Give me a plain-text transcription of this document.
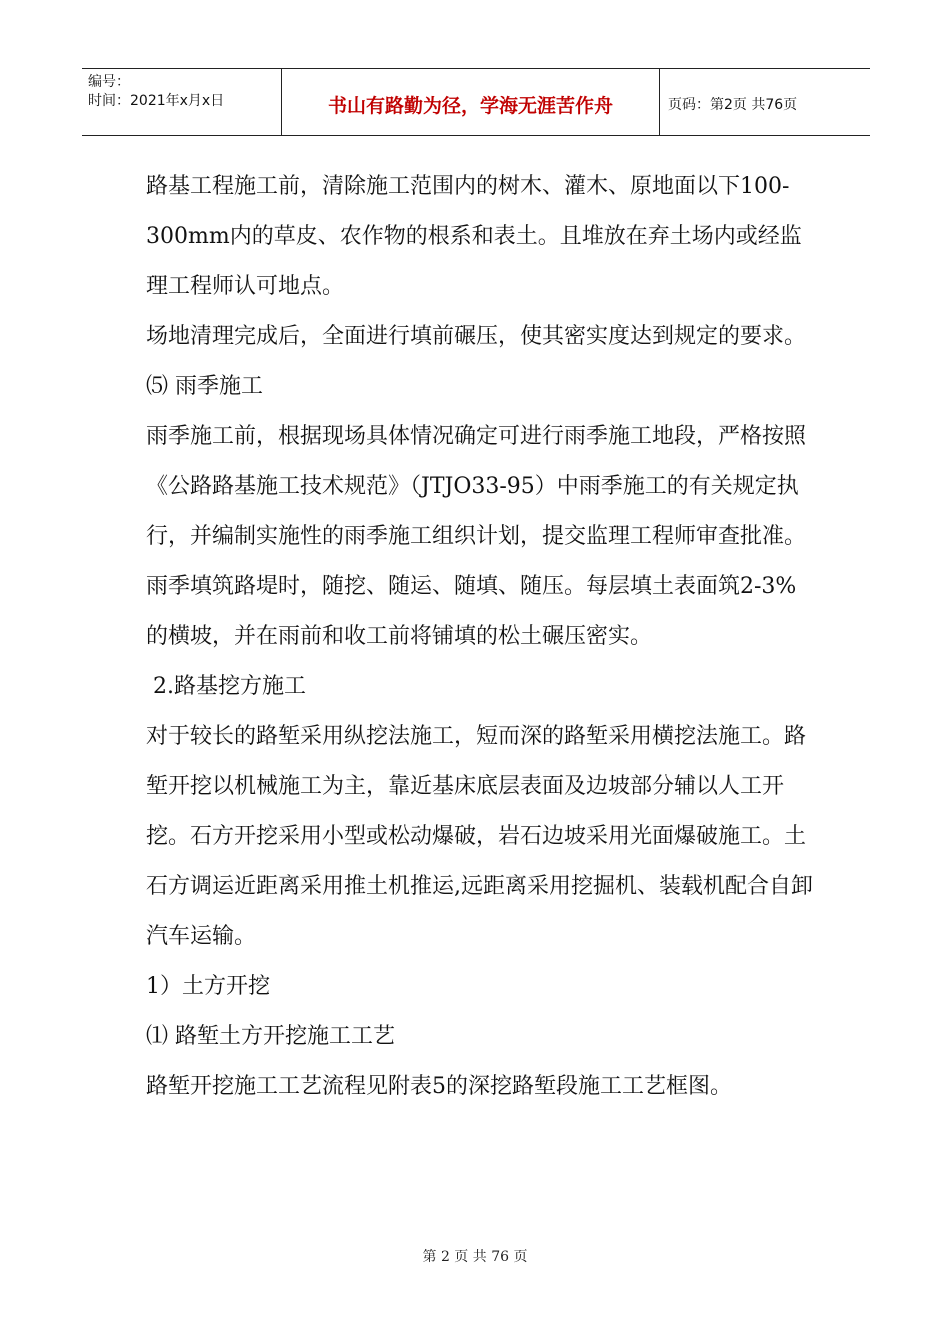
编号：
时间：2021年x月x日	书山有路勤为径，学海无涯苦作舟	页码：第2页 共76页

路基工程施工前，清除施工范围内的树木、灌木、原地面以下100-300mm内的草皮、农作物的根系和表土。且堆放在弃土场内或经监理工程师认可地点。

场地清理完成后，全面进行填前碾压，使其密实度达到规定的要求。

⑸ 雨季施工

雨季施工前，根据现场具体情况确定可进行雨季施工地段，严格按照《公路路基施工技术规范》（JTJO33-95）中雨季施工的有关规定执行，并编制实施性的雨季施工组织计划，提交监理工程师审查批准。

雨季填筑路堤时，随挖、随运、随填、随压。每层填土表面筑2-3%的横坡，并在雨前和收工前将铺填的松土碾压密实。

2.路基挖方施工

对于较长的路堑采用纵挖法施工，短而深的路堑采用横挖法施工。路堑开挖以机械施工为主，靠近基床底层表面及边坡部分辅以人工开挖。石方开挖采用小型或松动爆破，岩石边坡采用光面爆破施工。土石方调运近距离采用推土机推运,远距离采用挖掘机、装载机配合自卸汽车运输。

1）土方开挖

⑴ 路堑土方开挖施工工艺

路堑开挖施工工艺流程见附表5的深挖路堑段施工工艺框图。

第 2 页 共 76 页
